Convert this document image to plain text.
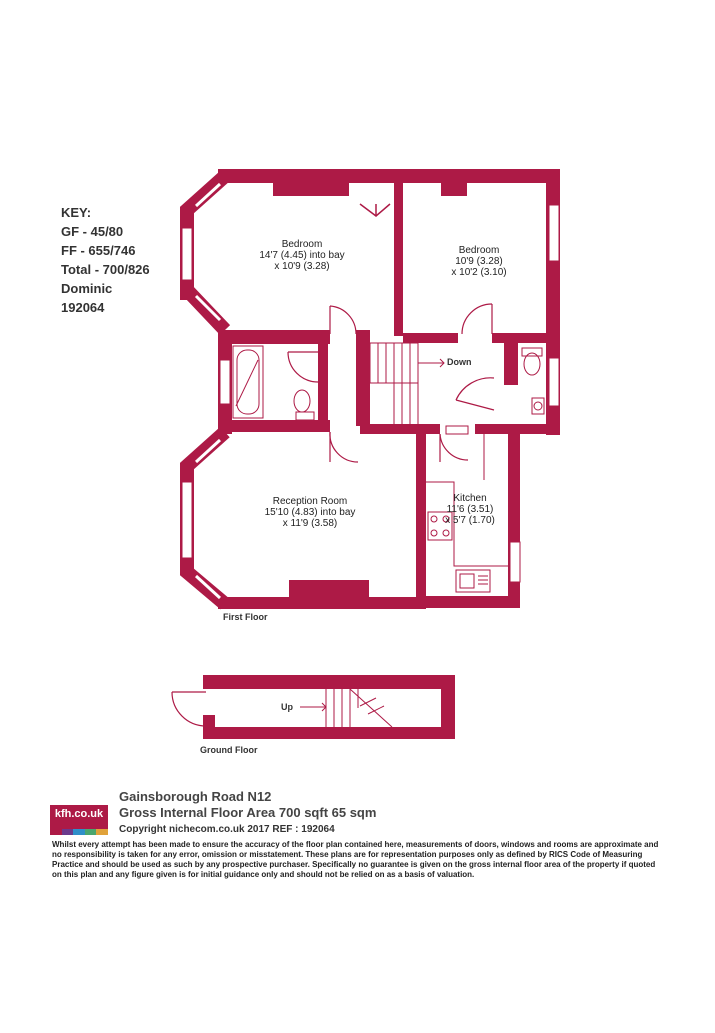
KEY:
GF - 45/80
FF - 655/746
Total - 700/826
Dominic
192064
Bedroom
14'7 (4.45) into bay
x 10'9 (3.28)
Bedroom
10'9 (3.28)
x 10'2 (3.10)
Reception Room
15'10 (4.83) into bay
x 11'9 (3.58)
Kitchen
11'6 (3.51)
x 5'7 (1.70)
Down
Up
First Floor
Ground Floor
kfh.co.uk
Gainsborough Road N12
Gross Internal Floor Area 700 sqft 65 sqm
Copyright nichecom.co.uk 2017 REF : 192064
Whilst every attempt has been made to ensure the accuracy of the floor plan contained here, measurements of doors, windows and rooms are approximate and no responsibility is taken for any error, omission or misstatement. These plans are for representation purposes only as defined by RICS Code of Measuring Practice and should be used as such by any prospective purchaser. Specifically no guarantee is given on the gross internal floor area of the property if quoted on this plan and any figure given is for initial guidance only and should not be relied on as a basis of valuation.
